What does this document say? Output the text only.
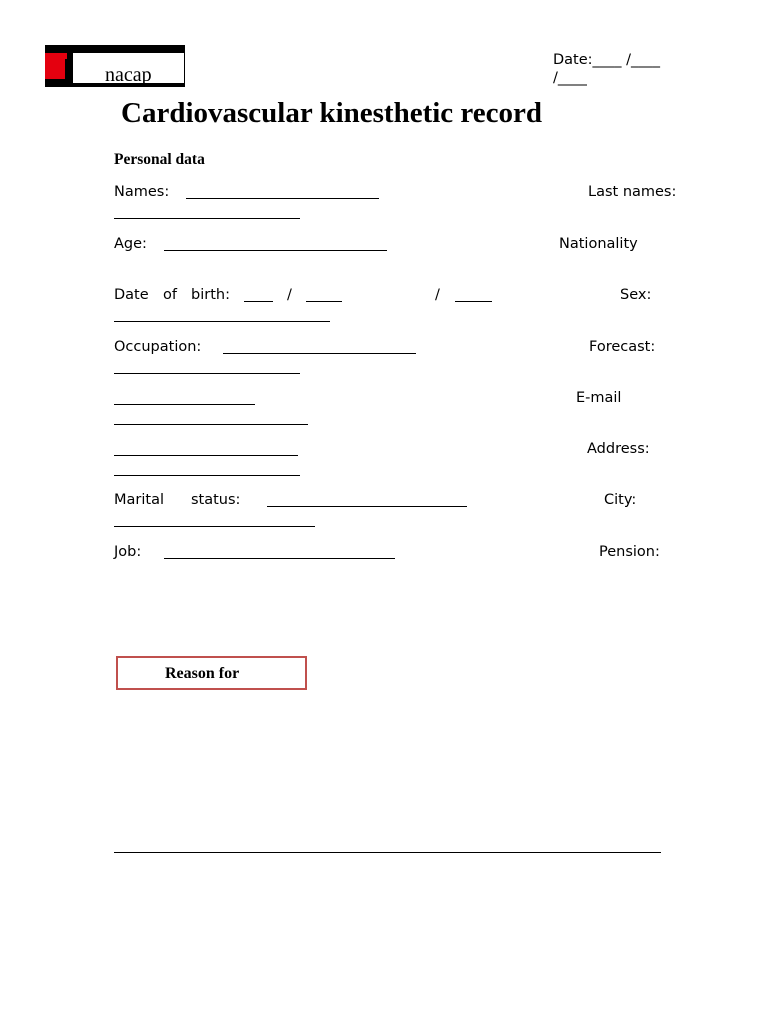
nacap
Date:____ /____
/____
Cardiovascular kinesthetic record
Personal data
Names:	Last names:
Age:	Nationality
Date of birth:	/	/	Sex:
Occupation:	Forecast:
E-mail
Address:
Marital status:	City:
Job:	Pension:
Reason for
